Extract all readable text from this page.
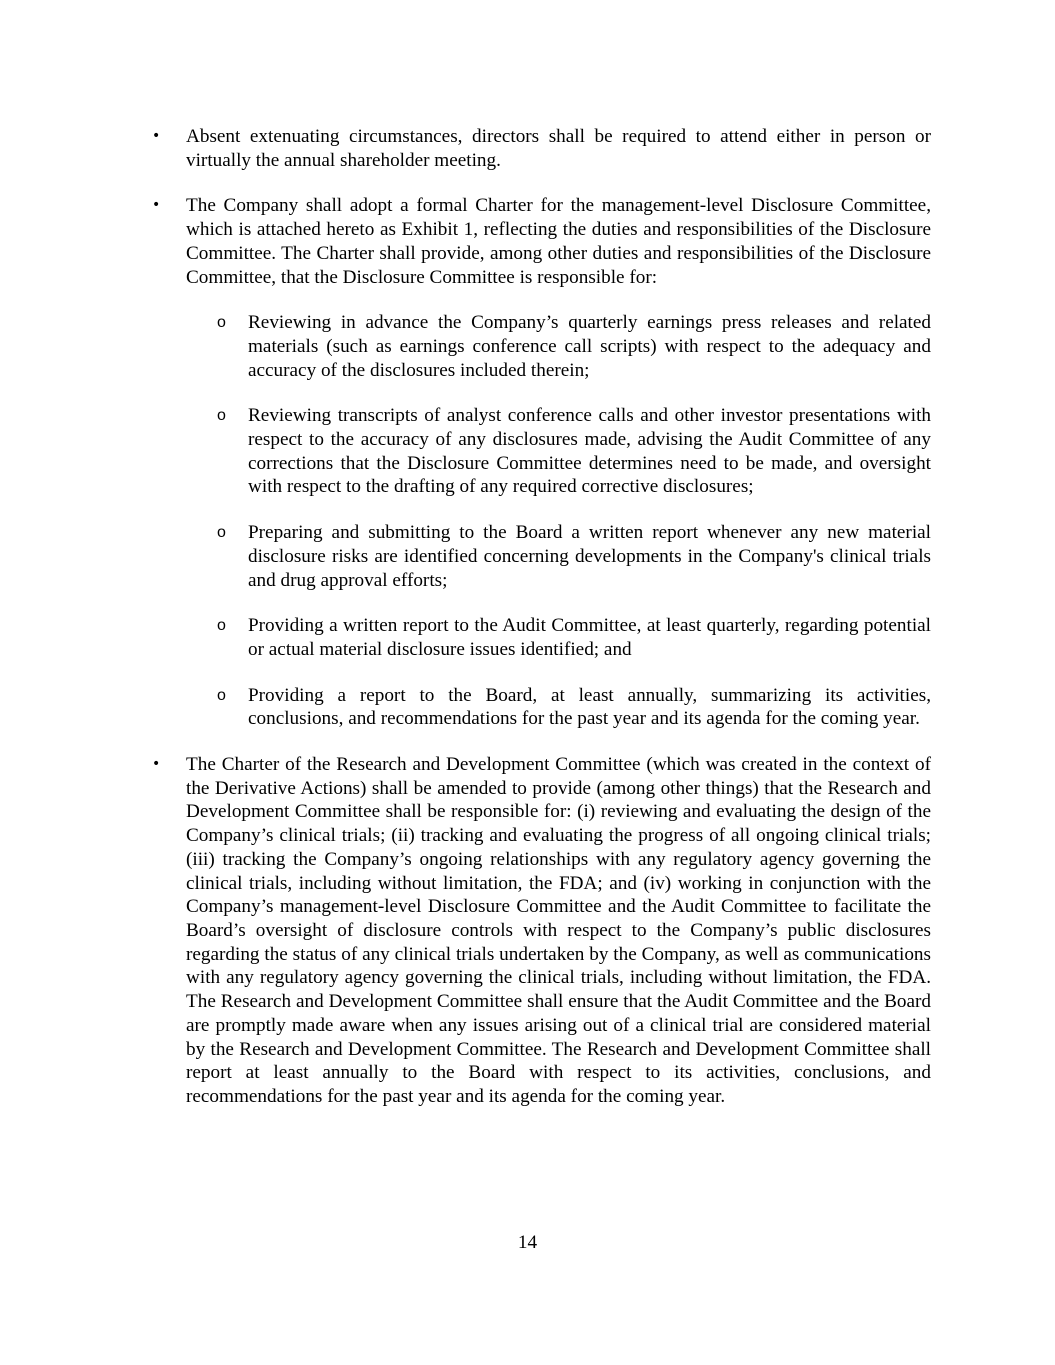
• Absent extenuating circumstances, directors shall be required to attend either in person or virtually the annual shareholder meeting.

• The Company shall adopt a formal Charter for the management-level Disclosure Committee, which is attached hereto as Exhibit 1, reflecting the duties and responsibilities of the Disclosure Committee. The Charter shall provide, among other duties and responsibilities of the Disclosure Committee, that the Disclosure Committee is responsible for:

o Reviewing in advance the Company’s quarterly earnings press releases and related materials (such as earnings conference call scripts) with respect to the adequacy and accuracy of the disclosures included therein;

o Reviewing transcripts of analyst conference calls and other investor presentations with respect to the accuracy of any disclosures made, advising the Audit Committee of any corrections that the Disclosure Committee determines need to be made, and oversight with respect to the drafting of any required corrective disclosures;

o Preparing and submitting to the Board a written report whenever any new material disclosure risks are identified concerning developments in the Company's clinical trials and drug approval efforts;

o Providing a written report to the Audit Committee, at least quarterly, regarding potential or actual material disclosure issues identified; and

o Providing a report to the Board, at least annually, summarizing its activities, conclusions, and recommendations for the past year and its agenda for the coming year.

• The Charter of the Research and Development Committee (which was created in the context of the Derivative Actions) shall be amended to provide (among other things) that the Research and Development Committee shall be responsible for: (i) reviewing and evaluating the design of the Company’s clinical trials; (ii) tracking and evaluating the progress of all ongoing clinical trials; (iii) tracking the Company’s ongoing relationships with any regulatory agency governing the clinical trials, including without limitation, the FDA; and (iv) working in conjunction with the Company’s management-level Disclosure Committee and the Audit Committee to facilitate the Board’s oversight of disclosure controls with respect to the Company’s public disclosures regarding the status of any clinical trials undertaken by the Company, as well as communications with any regulatory agency governing the clinical trials, including without limitation, the FDA. The Research and Development Committee shall ensure that the Audit Committee and the Board are promptly made aware when any issues arising out of a clinical trial are considered material by the Research and Development Committee. The Research and Development Committee shall report at least annually to the Board with respect to its activities, conclusions, and recommendations for the past year and its agenda for the coming year.

14
